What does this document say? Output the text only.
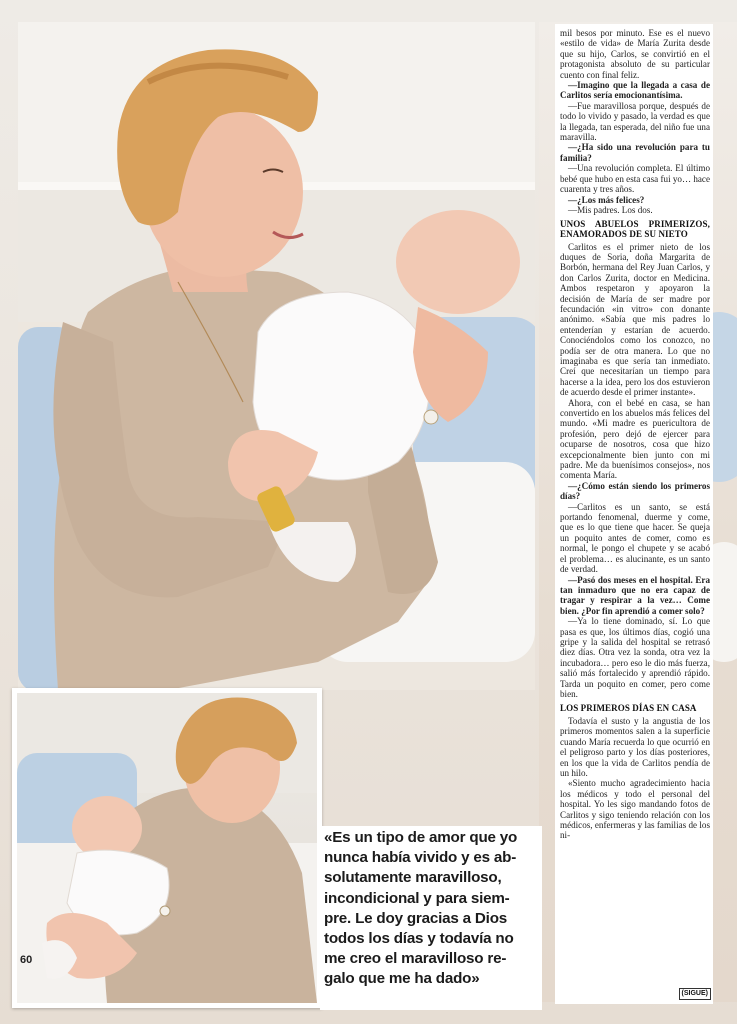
60

mil besos por minuto. Ese es el nuevo «estilo de vida» de María Zurita desde que su hijo, Carlos, se convirtió en el protagonista absoluto de su particular cuento con final feliz.

—Imagino que la llegada a casa de Carlitos sería emocionantísima.

—Fue maravillosa porque, después de todo lo vivido y pasado, la verdad es que la llegada, tan esperada, del niño fue una maravilla.

—¿Ha sido una revolución para tu familia?

—Una revolución completa. El último bebé que hubo en esta casa fui yo… hace cuarenta y tres años.

—¿Los más felices?

—Mis padres. Los dos.

UNOS ABUELOS PRIMERIZOS, ENAMORADOS DE SU NIETO

Carlitos es el primer nieto de los duques de Soria, doña Margarita de Borbón, hermana del Rey Juan Carlos, y don Carlos Zurita, doctor en Medicina. Ambos respetaron y apoyaron la decisión de María de ser madre por fecundación «in vitro» con donante anónimo. «Sabía que mis padres lo entenderían y estarían de acuerdo. Conociéndolos como los conozco, no podía ser de otra manera. Lo que no imaginaba es que sería tan inmediato. Creí que necesitarían un tiempo para hacerse a la idea, pero los dos estuvieron de acuerdo desde el primer instante».

Ahora, con el bebé en casa, se han convertido en los abuelos más felices del mundo. «Mi madre es puericultora de profesión, pero dejó de ejercer para ocuparse de nosotros, cosa que hizo excepcionalmente bien junto con mi padre. Me da buenísimos consejos», nos comenta María.

—¿Cómo están siendo los primeros días?

—Carlitos es un santo, se está portando fenomenal, duerme y come, que es lo que tiene que hacer. Se queja un poquito antes de comer, como es normal, le pongo el chupete y se acabó el problema… es alucinante, es un santo de verdad.

—Pasó dos meses en el hospital. Era tan inmaduro que no era capaz de tragar y respirar a la vez… Come bien. ¿Por fin aprendió a comer solo?

—Ya lo tiene dominado, sí. Lo que pasa es que, los últimos días, cogió una gripe y la salida del hospital se retrasó diez días. Otra vez la sonda, otra vez la incubadora… pero eso le dio más fuerza, salió más fortalecido y aprendió rápido. Tarda un poquito en comer, pero come bien.

LOS PRIMEROS DÍAS EN CASA

Todavía el susto y la angustia de los primeros momentos salen a la superficie cuando María recuerda lo que ocurrió en el peligroso parto y los días posteriores, en los que la vida de Carlitos pendía de un hilo.

«Siento mucho agradecimiento hacia los médicos y todo el personal del hospital. Yo les sigo mandando fotos de Carlitos y sigo teniendo relación con los médicos, enfermeras y las familias de los ni-

(SIGUE)
«Es un tipo de amor que yo
nunca había vivido y es ab-
solutamente maravilloso,
incondicional y para siem-
pre. Le doy gracias a Dios
todos los días y todavía no
me creo el maravilloso re-
galo que me ha dado»
